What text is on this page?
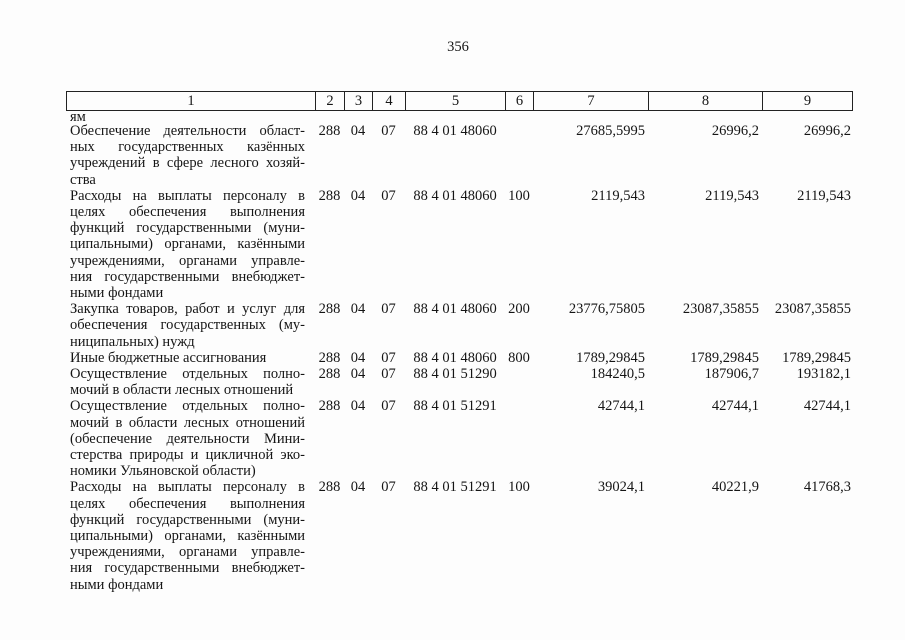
356
1	2	3	4	5	6	7	8	9
ям
Обеспечение деятельности област-
ных государственных казённых
учреждений в сфере лесного хозяй-
ства
288 04	07	88 4 01 48060	27685,5995	26996,2	26996,2
Расходы на выплаты персоналу в
целях обеспечения выполнения
функций государственными (муни-
ципальными) органами, казёнными
учреждениями, органами управле-
ния государственными внебюджет-
ными фондами
288 04	07	88 4 01 48060 100	2119,543	2119,543	2119,543
Закупка товаров, работ и услуг для
обеспечения государственных (му-
ниципальных) нужд
288 04	07	88 4 01 48060 200	23776,75805	23087,35855	23087,35855
Иные бюджетные ассигнования	288 04	07	88 4 01 48060 800	1789,29845	1789,29845	1789,29845
Осуществление отдельных полно-
мочий в области лесных отношений
288 04	07	88 4 01 51290	184240,5	187906,7	193182,1
Осуществление отдельных полно-
мочий в области лесных отношений
(обеспечение деятельности Мини-
стерства природы и цикличной эко-
номики Ульяновской области)
288 04	07	88 4 01 51291	42744,1	42744,1	42744,1
Расходы на выплаты персоналу в
целях обеспечения выполнения
функций государственными (муни-
ципальными) органами, казёнными
учреждениями, органами управле-
ния государственными внебюджет-
ными фондами
288 04	07	88 4 01 51291 100	39024,1	40221,9	41768,3
